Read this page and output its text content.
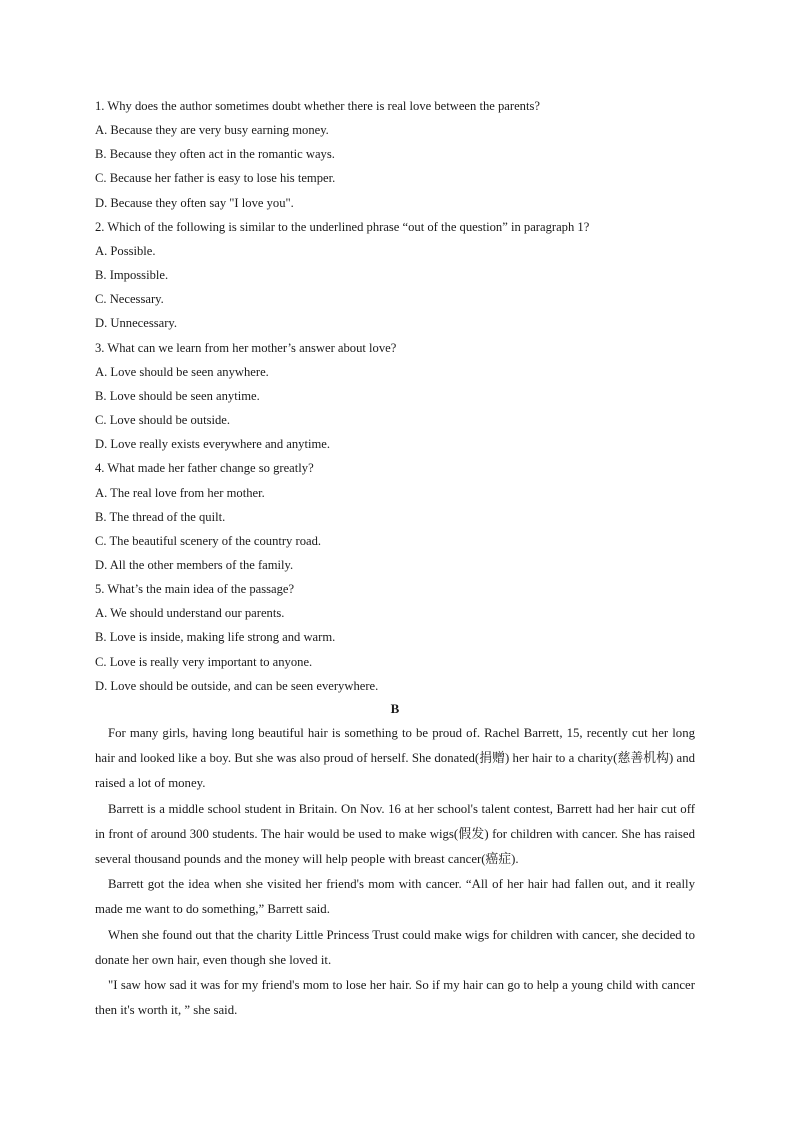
1. Why does the author sometimes doubt whether there is real love between the parents?
A. Because they are very busy earning money.
B. Because they often act in the romantic ways.
C. Because her father is easy to lose his temper.
D. Because they often say "I love you".
2. Which of the following is similar to the underlined phrase “out of the question” in paragraph 1?
A. Possible.
B. Impossible.
C. Necessary.
D. Unnecessary.
3. What can we learn from her mother’s answer about love?
A. Love should be seen anywhere.
B. Love should be seen anytime.
C. Love should be outside.
D. Love really exists everywhere and anytime.
4. What made her father change so greatly?
A. The real love from her mother.
B. The thread of the quilt.
C. The beautiful scenery of the country road.
D. All the other members of the family.
5. What’s the main idea of the passage?
A. We should understand our parents.
B. Love is inside, making life strong and warm.
C. Love is really very important to anyone.
D. Love should be outside, and can be seen everywhere.
B

For many girls, having long beautiful hair is something to be proud of. Rachel Barrett, 15, recently cut her long hair and looked like a boy. But she was also proud of herself. She donated(捐赠) her hair to a charity(慈善机构) and raised a lot of money.

Barrett is a middle school student in Britain. On Nov. 16 at her school's talent contest, Barrett had her hair cut off in front of around 300 students. The hair would be used to make wigs(假发) for children with cancer. She has raised several thousand pounds and the money will help people with breast cancer(癌症).

Barrett got the idea when she visited her friend's mom with cancer. “All of her hair had fallen out, and it really made me want to do something,” Barrett said.

When she found out that the charity Little Princess Trust could make wigs for children with cancer, she decided to donate her own hair, even though she loved it.

"I saw how sad it was for my friend's mom to lose her hair. So if my hair can go to help a young child with cancer then it's worth it, ” she said.
